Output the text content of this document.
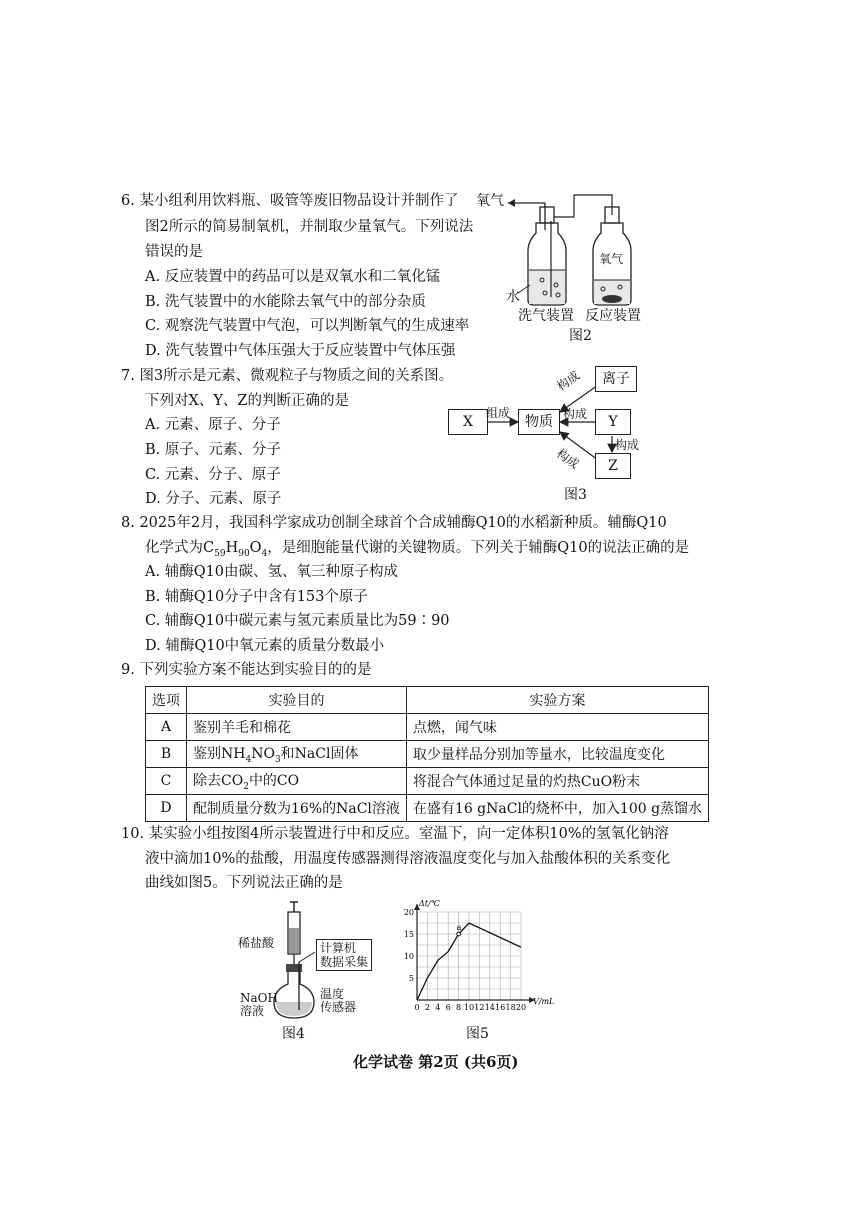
6. 某小组利用饮料瓶、吸管等废旧物品设计并制作了
图2所示的简易制氧机，并制取少量氧气。下列说法
错误的是
A. 反应装置中的药品可以是双氧水和二氧化锰
B. 洗气装置中的水能除去氧气中的部分杂质
C. 观察洗气装置中气泡，可以判断氧气的生成速率
D. 洗气装置中气体压强大于反应装置中气体压强
氧气
氧气
水
洗气装置 反应装置
图2
7. 图3所示是元素、微观粒子与物质之间的关系图。
下列对X、Y、Z的判断正确的是
A. 元素、原子、分子
B. 原子、元素、分子
C. 元素、分子、原子
D. 分子、元素、原子
X	物质	Y
离子
Z
组成
构成
构成
构成
构成
图3
8. 2025年2月，我国科学家成功创制全球首个合成辅酶Q10的水稻新种质。辅酶Q10
化学式为$C_{59}H_{90}O_4$，是细胞能量代谢的关键物质。下列关于辅酶Q10的说法正确的是
A. 辅酶Q10由碳、氢、氧三种原子构成
B. 辅酶Q10分子中含有153个原子
C. 辅酶Q10中碳元素与氢元素质量比为59∶90
D. 辅酶Q10中氧元素的质量分数最小
9. 下列实验方案不能达到实验目的的是
选项	实验目的	实验方案
A	鉴别羊毛和棉花	点燃，闻气味
B	鉴别$NH_4NO_3$和NaCl固体	取少量样品分别加等量水，比较温度变化
C	除去$CO_2$中的CO	将混合气体通过足量的灼热CuO粉末
D	配制质量分数为16%的NaCl溶液	在盛有16 gNaCl的烧杯中，加入100 g蒸馏水
10. 某实验小组按图4所示装置进行中和反应。室温下，向一定体积10%的氢氧化钠溶
液中滴加10%的盐酸，用温度传感器测得溶液温度变化与加入盐酸体积的关系变化
曲线如图5。下列说法正确的是
计算机
数据采集
稀盐酸
NaOH
溶液
温度
传感器
图4
0 2 4 6 8 10 12 14 16 18 20
5
10
15
20
Δt/℃
V/mL
a
图5
化学试卷 第2页 (共6页)
